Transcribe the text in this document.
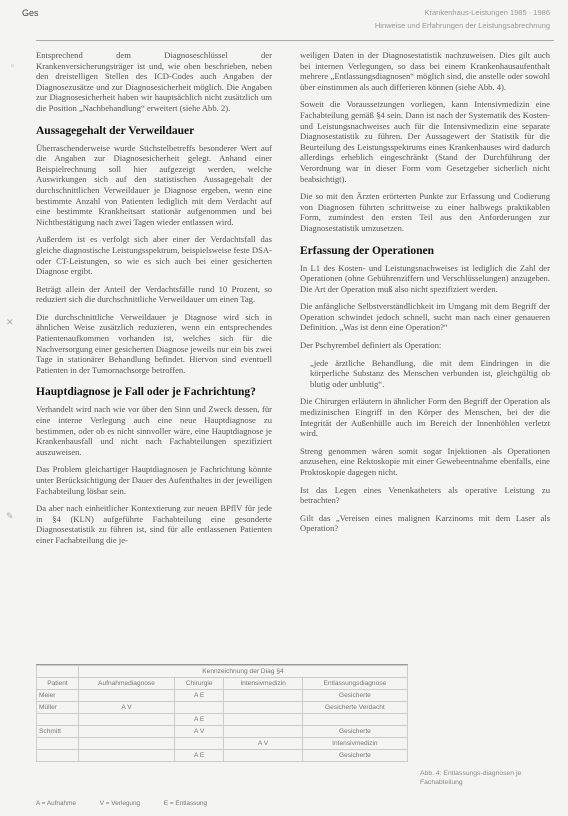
Ges	Krankenhaus-Leistungen 1985 · 1986
Hinweise und Erfahrungen der Leistungsabrechnung
◦
✕
✎

Entsprechend dem Diagnoseschlüssel der Krankenversicherungsträger ist und, wie oben beschrieben, neben den dreistelligen Stellen des ICD-Codes auch Angaben der Diagnosezusätze und zur Diagnosesicherheit möglich. Die Angaben zur Diagnosesicherheit haben wir hauptsächlich nicht zusätzlich um die Position „Nachbehandlung“ erweitert (siehe Abb. 2).

Aussagegehalt der Verweildauer

Überraschenderweise wurde Stichstelbetreffs besonderer Wert auf die Angaben zur Diagnosesicherheit gelegt. Anhand einer Beispielrechnung soll hier aufgezeigt werden, welche Auswirkungen sich auf den statistischen Aussagegehalt der durchschnittlichen Verweildauer je Diagnose ergeben, wenn eine bestimmte Anzahl von Patienten lediglich mit dem Verdacht auf eine bestimmte Krankheitsart stationär aufgenommen und bei Nichtbestätigung nach zwei Tagen wieder entlassen wird.

Außerdem ist es verfolgt sich aber einer der Verdachtsfall das gleiche diagnostische Leistungsspektrum, beispielsweise feste DSA- oder CT-Leistungen, so wie es sich auch bei einer gesicherten Diagnose ergibt.

Beträgt allein der Anteil der Verdachtsfälle rund 10 Prozent, so reduziert sich die durchschnittliche Verweildauer um einen Tag.

Die durchschnittliche Verweildauer je Diagnose wird sich in ähnlichen Weise zusätzlich reduzieren, wenn ein entsprechendes Patientenaufkommen vorhanden ist, welches sich für die Nachversorgung einer gesicherten Diagnose jeweils nur ein bis zwei Tage in stationärer Behandlung befindet. Hiervon sind eventuell Patienten in der Tumornachsorge betroffen.

Hauptdiagnose je Fall oder je Fachrichtung?

Verhandelt wird nach wie vor über den Sinn und Zweck dessen, für eine interne Verlegung auch eine neue Hauptdiagnose zu bestimmen, oder ob es nicht sinnvoller wäre, eine Hauptdiagnose je Krankenhausfall und nicht nach Fachabteilungen spezifiziert auszuweisen.

Das Problem gleichartiger Hauptdiagnosen je Fachrichtung könnte unter Berücksichtigung der Dauer des Aufenthaltes in der jeweiligen Fachabteilung lösbar sein.

Da aber nach einheitlicher Kontextierung zur neuen BPflV für jede in §4 (KLN) aufgeführte Fachabteilung eine gesonderte Diagnosestatistik zu führen ist, sind für alle entlassenen Patienten einer Fachabteilung die je-

weiligen Daten in der Diagnosestatistik nachzuweisen. Dies gilt auch bei internen Verlegungen, so dass bei einem Krankenhausaufenthalt mehrere „Entlassungsdiagnosen“ möglich sind, die anstelle oder sowohl über einstimmen als auch differieren können (siehe Abb. 4).

Soweit die Voraussetzungen vorliegen, kann Intensivmedizin eine Fachabteilung gemäß §4 sein. Dann ist nach der Systematik des Kosten- und Leistungsnachweises auch für die Intensivmedizin eine separate Diagnosestatistik zu führen. Der Aussagewert der Statistik für die Beurteilung des Leistungsspektrums eines Krankenhauses wird dadurch allerdings erheblich eingeschränkt (Stand der Durchführung der Verordnung war in dieser Form vom Gesetzgeber sicherlich nicht beabsichtigt).

Die so mit den Ärzten erörterten Punkte zur Erfassung und Codierung von Diagnosen führten schrittweise zu einer halbwegs praktikablen Form, zumindest den ersten Teil aus den Anforderungen zur Diagnosestatistik umzusetzen.

Erfassung der Operationen

In L1 des Kosten- und Leistungsnachweises ist lediglich die Zahl der Operationen (ohne Gebührenziffern und Verschlüsselungen) anzugeben. Die Art der Operation muß also nicht spezifiziert werden.

Die anfängliche Selbstverständlichkeit im Umgang mit dem Begriff der Operation schwindet jedoch schnell, sucht man nach einer genaueren Definition. „Was ist denn eine Operation?“

Der Pschyrembel definiert als Operation:

„jede ärztliche Behandlung, die mit dem Eindringen in die körperliche Substanz des Menschen verbunden ist, gleichgültig ob blutig oder unblutig“.

Die Chirurgen erläutern in ähnlicher Form den Begriff der Operation als medizinischen Eingriff in den Körper des Menschen, bei der die Integrität der Außenhülle auch im Bereich der Innenhöhlen verletzt wird.

Streng genommen wären somit sogar Injektionen als Operationen anzusehen, eine Rektoskopie mit einer Gewebeentnahme ebenfalls, eine Proktoskopie dagegen nicht.

Ist das Legen eines Venenkatheters als operative Leistung zu betrachten?

Gilt das „Vereisen eines malignen Karzinoms mit dem Laser als Operation?

	Kennzeichnung der Diag §4			
Patient	Aufnahmediagnose	Chirurgie	Intensivmedizin	Entlassungsdiagnose
Meier		A E		Gesicherte
Müller	A V			Gesicherte Verdacht
		A E		
Schmitt		A V		Gesicherte
			A V	Intensivmedizin
		A E		Gesicherte
A = Aufnahme	V = Verlegung	E = Entlassung
Abb. 4: Entlassungs-diagnosen je Fachabteilung
